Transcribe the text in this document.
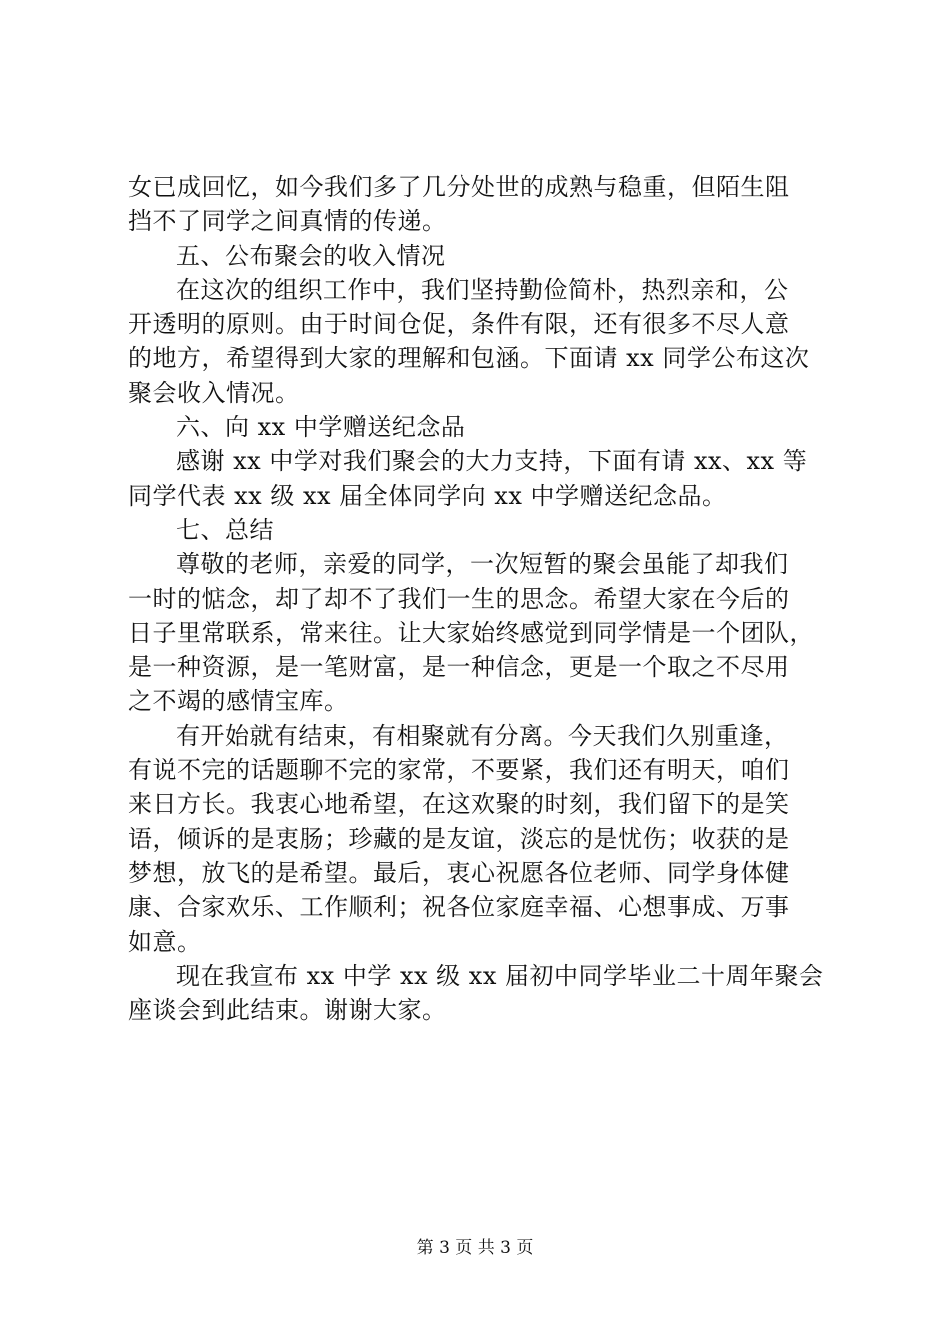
女已成回忆，如今我们多了几分处世的成熟与稳重，但陌生阻
挡不了同学之间真情的传递。
五、公布聚会的收入情况
在这次的组织工作中，我们坚持勤俭简朴，热烈亲和，公
开透明的原则。由于时间仓促，条件有限，还有很多不尽人意
的地方，希望得到大家的理解和包涵。下面请 xx 同学公布这次
聚会收入情况。
六、向 xx 中学赠送纪念品
感谢 xx 中学对我们聚会的大力支持，下面有请 xx、xx 等
同学代表 xx 级 xx 届全体同学向 xx 中学赠送纪念品。
七、总结
尊敬的老师，亲爱的同学，一次短暂的聚会虽能了却我们
一时的惦念，却了却不了我们一生的思念。希望大家在今后的
日子里常联系，常来往。让大家始终感觉到同学情是一个团队，
是一种资源，是一笔财富，是一种信念，更是一个取之不尽用
之不竭的感情宝库。
有开始就有结束，有相聚就有分离。今天我们久别重逢，
有说不完的话题聊不完的家常，不要紧，我们还有明天，咱们
来日方长。我衷心地希望，在这欢聚的时刻，我们留下的是笑
语，倾诉的是衷肠；珍藏的是友谊，淡忘的是忧伤；收获的是
梦想，放飞的是希望。最后，衷心祝愿各位老师、同学身体健
康、合家欢乐、工作顺利；祝各位家庭幸福、心想事成、万事
如意。
现在我宣布 xx 中学 xx 级 xx 届初中同学毕业二十周年聚会
座谈会到此结束。谢谢大家。
第 3 页 共 3 页
